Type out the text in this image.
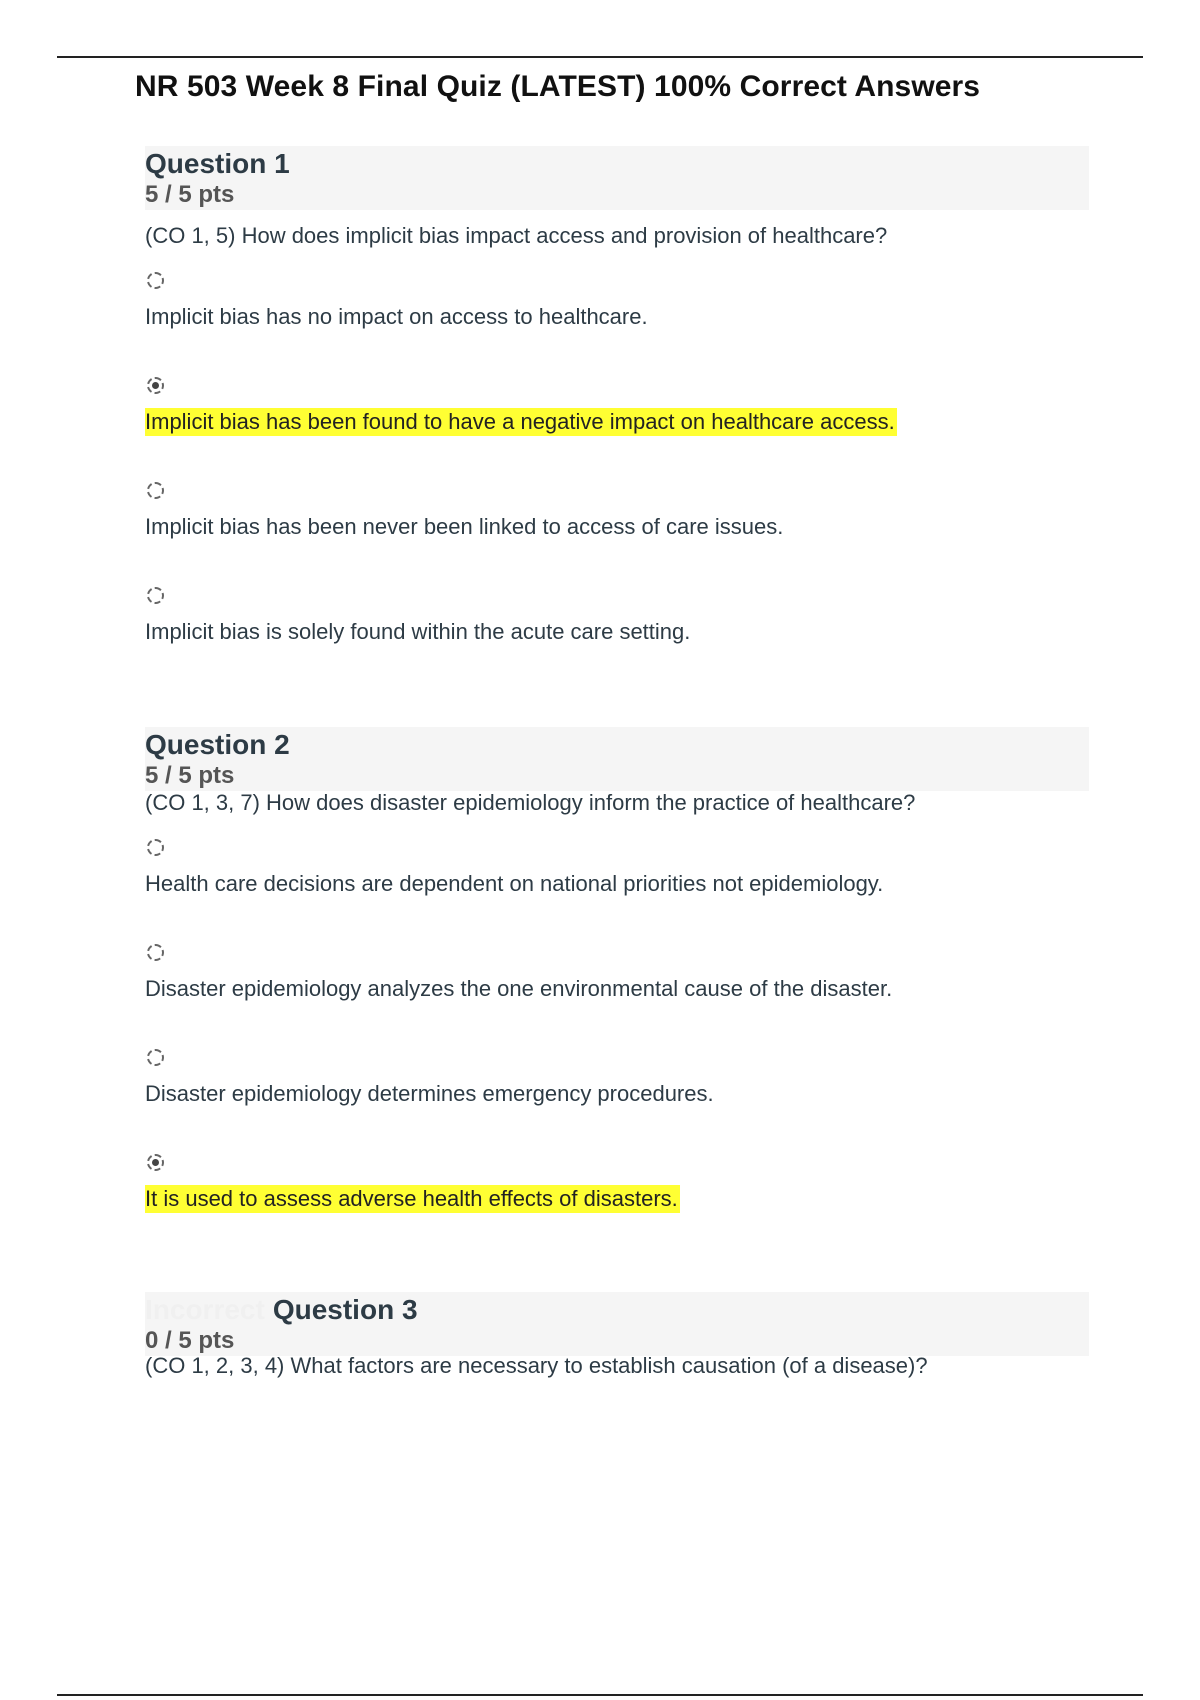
NR 503 Week 8 Final Quiz (LATEST) 100% Correct Answers
Question 1
5 / 5 pts
(CO 1, 5) How does implicit bias impact access and provision of healthcare?
Implicit bias has no impact on access to healthcare.
Implicit bias has been found to have a negative impact on healthcare access.
Implicit bias has been never been linked to access of care issues.
Implicit bias is solely found within the acute care setting.
Question 2
5 / 5 pts
(CO 1, 3, 7) How does disaster epidemiology inform the practice of healthcare?
Health care decisions are dependent on national priorities not epidemiology.
Disaster epidemiology analyzes the one environmental cause of the disaster.
Disaster epidemiology determines emergency procedures.
It is used to assess adverse health effects of disasters.
Incorrect Question 3
0 / 5 pts
(CO 1, 2, 3, 4) What factors are necessary to establish causation (of a disease)?
